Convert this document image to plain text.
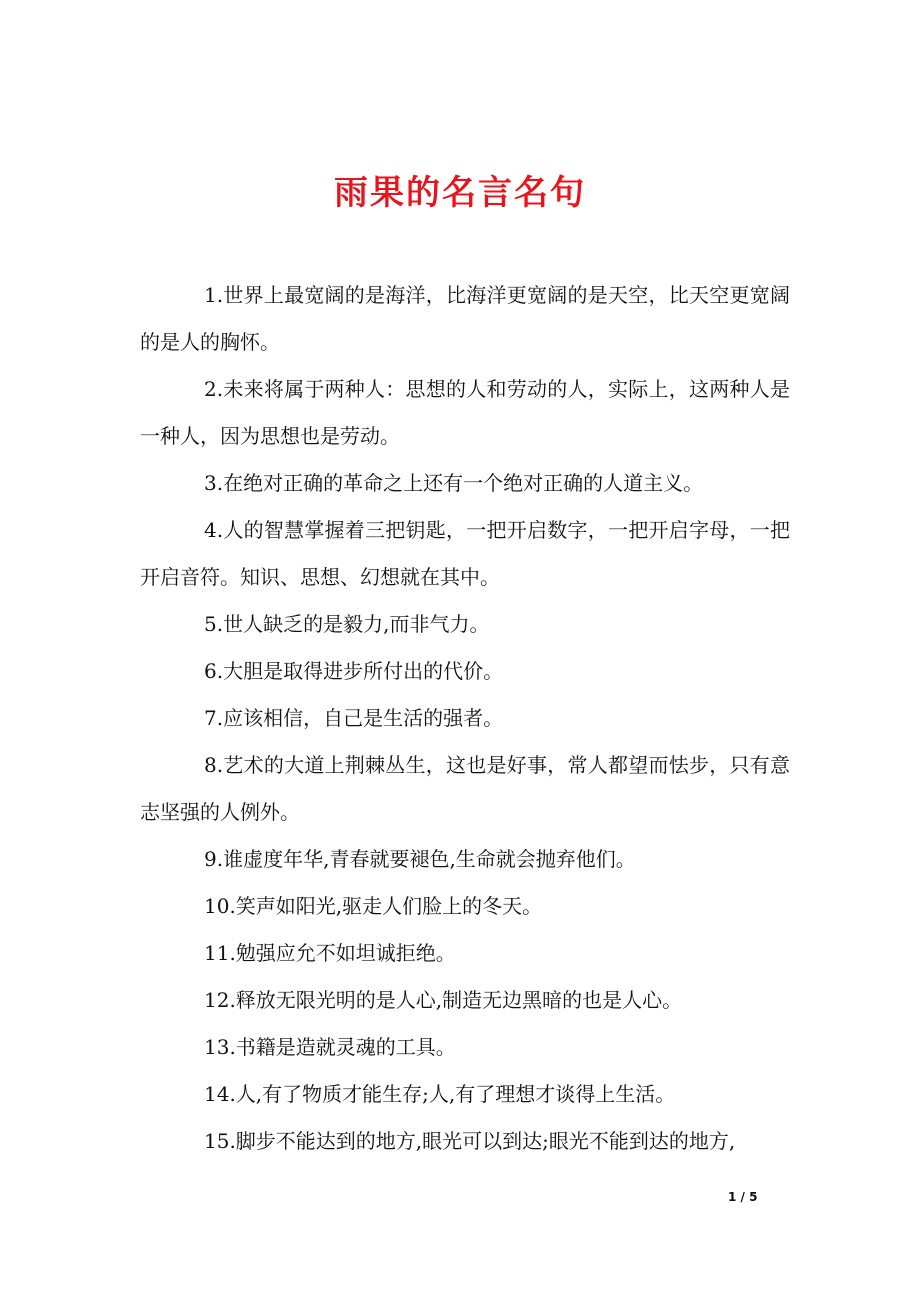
雨果的名言名句

1.世界上最宽阔的是海洋，比海洋更宽阔的是天空，比天空更宽阔的是人的胸怀。

2.未来将属于两种人：思想的人和劳动的人，实际上，这两种人是一种人，因为思想也是劳动。

3.在绝对正确的革命之上还有一个绝对正确的人道主义。

4.人的智慧掌握着三把钥匙，一把开启数字，一把开启字母，一把开启音符。知识、思想、幻想就在其中。

5.世人缺乏的是毅力,而非气力。

6.大胆是取得进步所付出的代价。

7.应该相信，自己是生活的强者。

8.艺术的大道上荆棘丛生，这也是好事，常人都望而怯步，只有意志坚强的人例外。

9.谁虚度年华,青春就要褪色,生命就会抛弃他们。

10.笑声如阳光,驱走人们脸上的冬天。

11.勉强应允不如坦诚拒绝。

12.释放无限光明的是人心,制造无边黑暗的也是人心。

13.书籍是造就灵魂的工具。

14.人,有了物质才能生存;人,有了理想才谈得上生活。

15.脚步不能达到的地方,眼光可以到达;眼光不能到达的地方,

1 / 5
